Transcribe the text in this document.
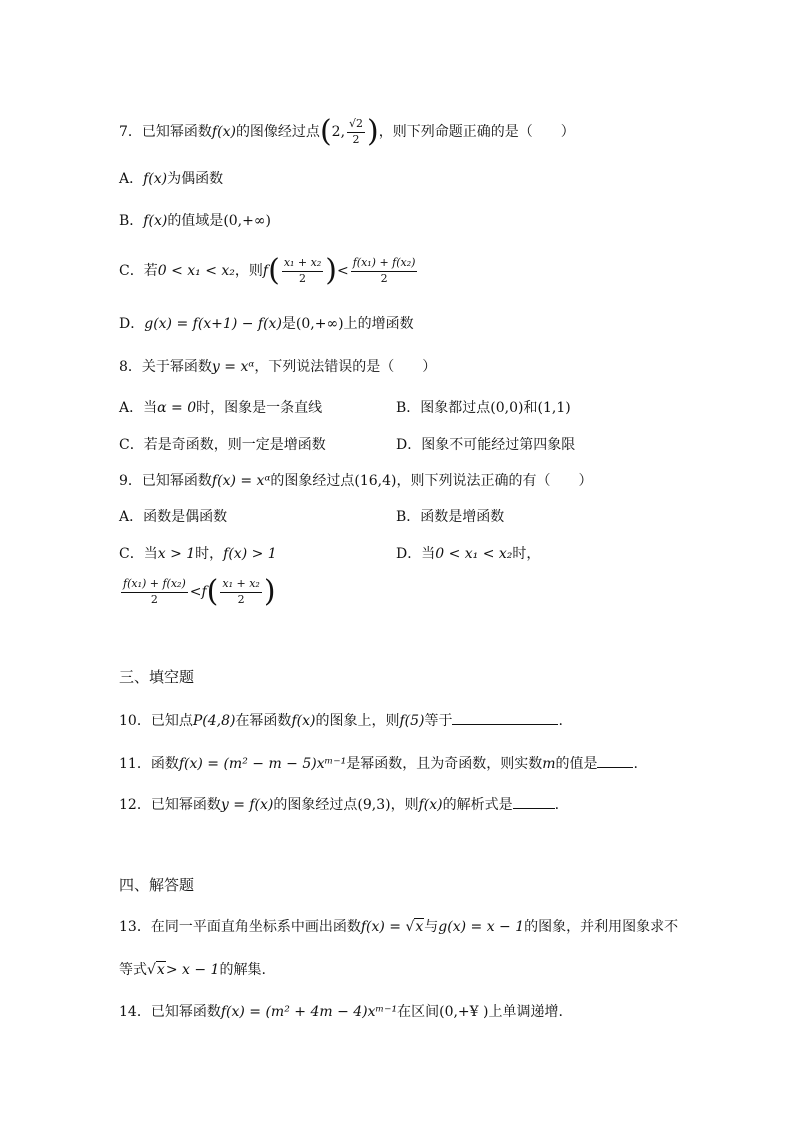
7．已知幂函数f(x)的图像经过点(2, $\frac{√2}{2}$ )，则下列命题正确的是（　　）
A．f(x)为偶函数
B．f(x)的值域是(0,+∞)
C．若0 < x₁ < x₂，则$f( \frac{\text{x₁ + x₂}}{2}$ )< $\frac{\text{f(x₁) + f(x₂)}}{2}$
D．g(x) = f(x+1) − f(x)是(0,+∞)上的增函数
8．关于幂函数y = xᵅ，下列说法错误的是（　　）
A．当α = 0时，图象是一条直线	B．图象都过点(0,0)和(1,1)
C．若是奇函数，则一定是增函数	D．图象不可能经过第四象限
9．已知幂函数f(x) = xᵅ的图象经过点(16,4)，则下列说法正确的有（　　）
A．函数是偶函数	B．函数是增函数
C．当x > 1时，f(x) > 1	D．当0 < x₁ < x₂时，
$\frac{\text{f(x₁) + f(x₂)}}{2} <f( \frac{\text{x₁ + x₂}}{2}$ )
三、填空题
10．已知点P(4,8)在幂函数f(x)的图象上，则f(5)等于	.
11．函数f(x) = (m² − m − 5)xᵐ⁻¹是幂函数，且为奇函数，则实数m的值是	.
12．已知幂函数y = f(x)的图象经过点(9,3)，则f(x)的解析式是	.
四、解答题
13．在同一平面直角坐标系中画出函数f(x) = √x与g(x) = x − 1的图象，并利用图象求不
等式√x> x − 1的解集.
14．已知幂函数f(x) = (m² + 4m − 4)xᵐ⁻¹在区间(0,+¥ )上单调递增.
